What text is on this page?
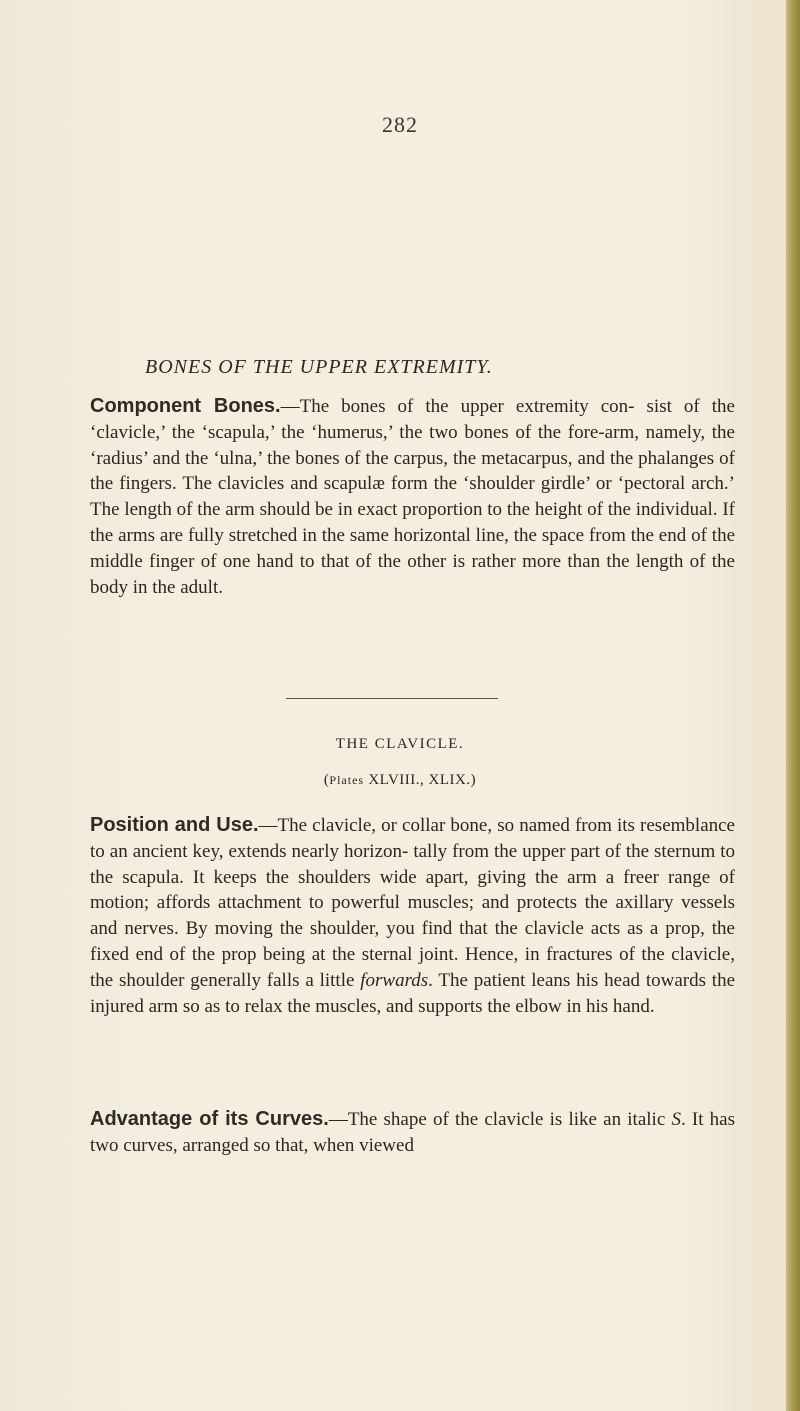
282
BONES OF THE UPPER EXTREMITY.

Component Bones.—The bones of the upper extremity con- sist of the ‘clavicle,’ the ‘scapula,’ the ‘humerus,’ the two bones of the fore-arm, namely, the ‘radius’ and the ‘ulna,’ the bones of the carpus, the metacarpus, and the phalanges of the fingers. The clavicles and scapulæ form the ‘shoulder girdle’ or ‘pectoral arch.’ The length of the arm should be in exact proportion to the height of the individual. If the arms are fully stretched in the same horizontal line, the space from the end of the middle finger of one hand to that of the other is rather more than the length of the body in the adult.

THE CLAVICLE.
(Plates XLVIII., XLIX.)

Position and Use.—The clavicle, or collar bone, so named from its resemblance to an ancient key, extends nearly horizon- tally from the upper part of the sternum to the scapula. It keeps the shoulders wide apart, giving the arm a freer range of motion; affords attachment to powerful muscles; and protects the axillary vessels and nerves. By moving the shoulder, you find that the clavicle acts as a prop, the fixed end of the prop being at the sternal joint. Hence, in fractures of the clavicle, the shoulder generally falls a little forwards. The patient leans his head towards the injured arm so as to relax the muscles, and supports the elbow in his hand.

Advantage of its Curves.—The shape of the clavicle is like an italic S. It has two curves, arranged so that, when viewed
